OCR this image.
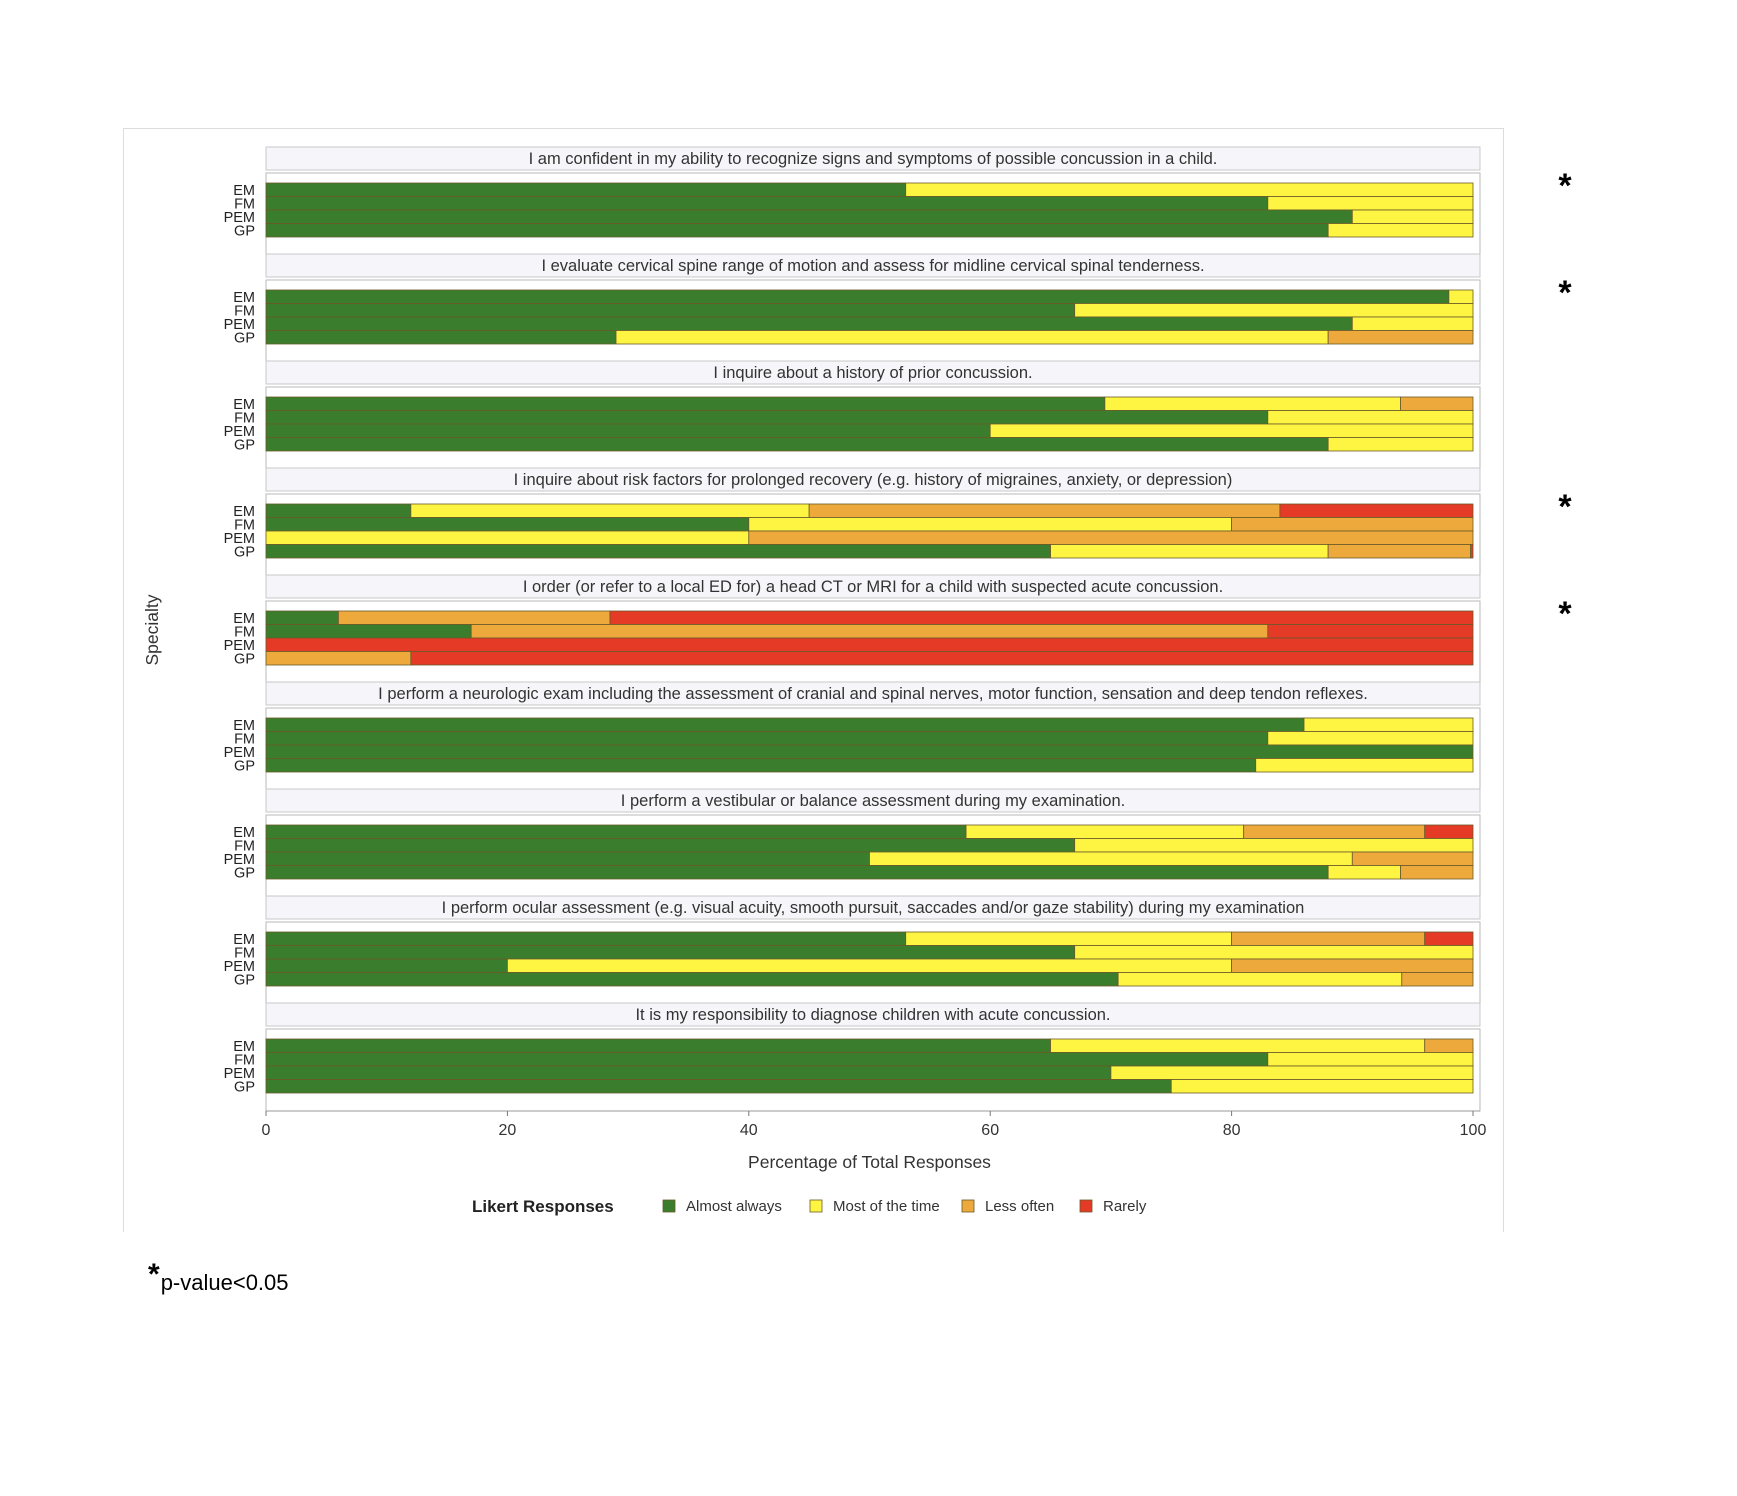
I am confident in my ability to recognize signs and symptoms of possible concussion in a child.
EM
FM
PEM
GP
*
I evaluate cervical spine range of motion and assess for midline cervical spinal tenderness.
EM
FM
PEM
GP
*
I inquire about a history of prior concussion.
EM
FM
PEM
GP
I inquire about risk factors for prolonged recovery (e.g. history of migraines, anxiety, or depression)
EM
FM
PEM
GP
*
I order (or refer to a local ED for) a head CT or MRI for a child with suspected acute concussion.
EM
FM
PEM
GP
*
I perform a neurologic exam including the assessment of cranial and spinal nerves, motor function, sensation and deep tendon reflexes.
EM
FM
PEM
GP
I perform a vestibular or balance assessment during my examination.
EM
FM
PEM
GP
I perform ocular assessment (e.g. visual acuity, smooth pursuit, saccades and/or gaze stability) during my examination
EM
FM
PEM
GP
It is my responsibility to diagnose children with acute concussion.
EM
FM
PEM
GP
0	20	40	60	80	100
Percentage of Total Responses
Specialty
Likert Responses	Almost always	Most of the time	Less often	Rarely
*p-value<0.05
